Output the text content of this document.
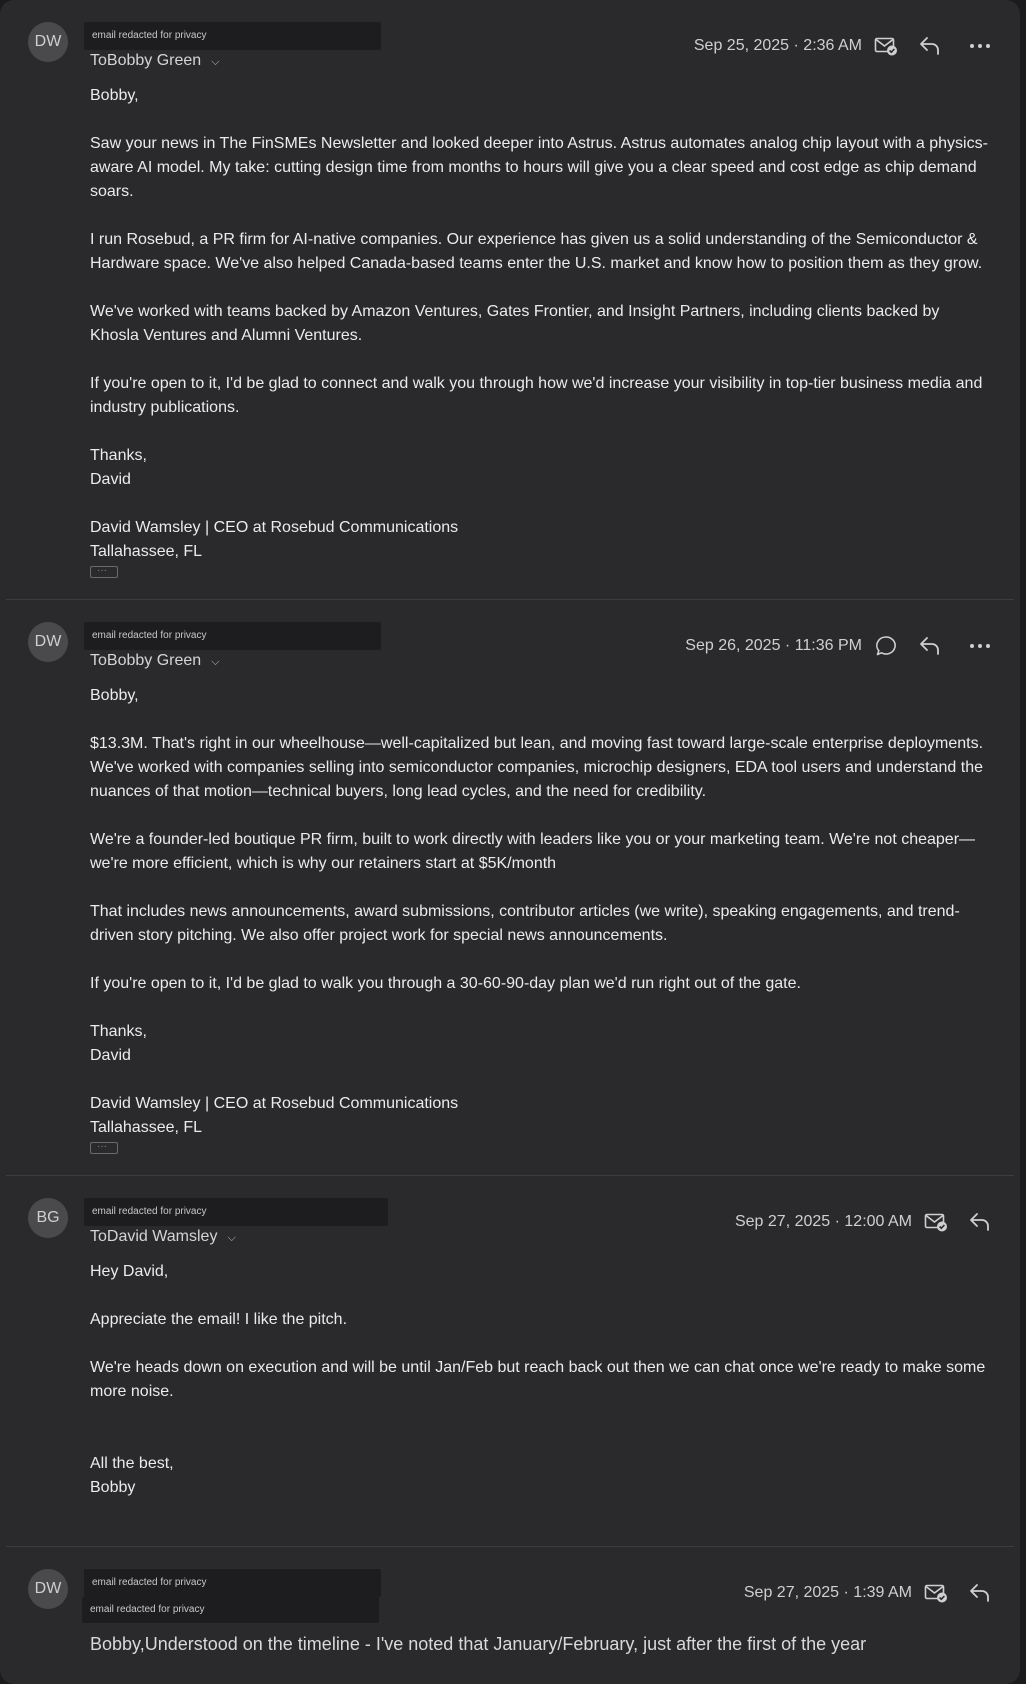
DW	email redacted for privacy
ToBobby Green ⌵
Sep 25, 2025 · 2:36 AM

Bobby,

Saw your news in The FinSMEs Newsletter and looked deeper into Astrus. Astrus automates analog chip layout with a physics-aware AI model. My take: cutting design time from months to hours will give you a clear speed and cost edge as chip demand soars.

I run Rosebud, a PR firm for AI-native companies. Our experience has given us a solid understanding of the Semiconductor & Hardware space. We've also helped Canada-based teams enter the U.S. market and know how to position them as they grow.

We've worked with teams backed by Amazon Ventures, Gates Frontier, and Insight Partners, including clients backed by Khosla Ventures and Alumni Ventures.

If you're open to it, I'd be glad to connect and walk you through how we'd increase your visibility in top-tier business media and industry publications.

Thanks,
David

David Wamsley | CEO at Rosebud Communications
Tallahassee, FL

···
DW	email redacted for privacy
ToBobby Green ⌵
Sep 26, 2025 · 11:36 PM

Bobby,

$13.3M. That's right in our wheelhouse—well-capitalized but lean, and moving fast toward large-scale enterprise deployments. We've worked with companies selling into semiconductor companies, microchip designers, EDA tool users and understand the nuances of that motion—technical buyers, long lead cycles, and the need for credibility.

We're a founder-led boutique PR firm, built to work directly with leaders like you or your marketing team. We're not cheaper—we're more efficient, which is why our retainers start at $5K/month

That includes news announcements, award submissions, contributor articles (we write), speaking engagements, and trend-driven story pitching. We also offer project work for special news announcements.

If you're open to it, I'd be glad to walk you through a 30-60-90-day plan we'd run right out of the gate.

Thanks,
David

David Wamsley | CEO at Rosebud Communications
Tallahassee, FL

···
BG	email redacted for privacy
ToDavid Wamsley ⌵
Sep 27, 2025 · 12:00 AM

Hey David,

Appreciate the email! I like the pitch.

We're heads down on execution and will be until Jan/Feb but reach back out then we can chat once we're ready to make some more noise.

All the best,
Bobby

DW	email redacted for privacy
email redacted for privacy
Sep 27, 2025 · 1:39 AM
Bobby,Understood on the timeline - I've noted that January/February, just after the first of the year
